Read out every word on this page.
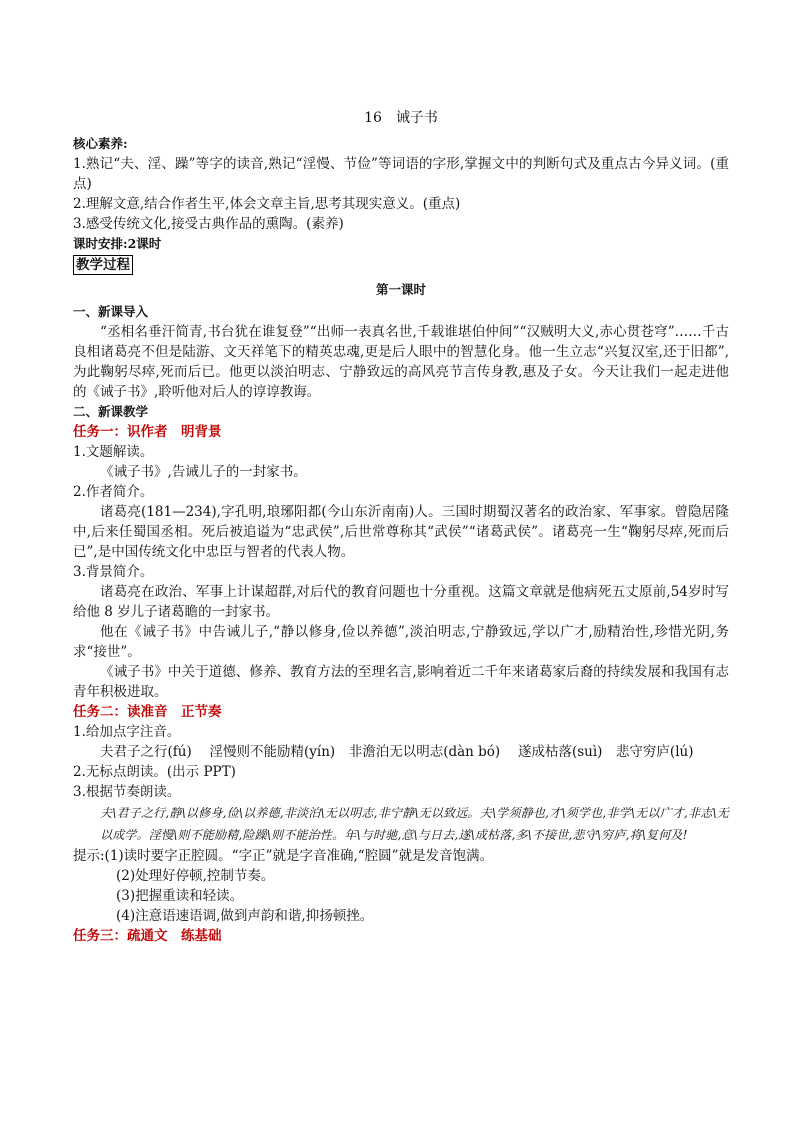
16　诫子书

核心素养:

1.熟记“夫、淫、躁”等字的读音,熟记“淫慢、节俭”等词语的字形,掌握文中的判断句式及重点古今异义词。(重点)

2.理解文意,结合作者生平,体会文章主旨,思考其现实意义。(重点)

3.感受传统文化,接受古典作品的熏陶。(素养)

课时安排:2课时

教学过程

第一课时

一、新课导入

“丞相名垂汗简青,书台犹在谁复登”“出师一表真名世,千载谁堪伯仲间”“汉贼明大义,赤心贯苍穹”……千古良相诸葛亮不但是陆游、文天祥笔下的精英忠魂,更是后人眼中的智慧化身。他一生立志“兴复汉室,还于旧都”,为此鞠躬尽瘁,死而后已。他更以淡泊明志、宁静致远的高风亮节言传身教,惠及子女。今天让我们一起走进他的《诫子书》,聆听他对后人的谆谆教诲。

二、新课教学

任务一：识作者　明背景

1.文题解读。

《诫子书》,告诫儿子的一封家书。

2.作者简介。

诸葛亮(181—234),字孔明,琅琊阳都(今山东沂南南)人。三国时期蜀汉著名的政治家、军事家。曾隐居隆中,后来任蜀国丞相。死后被追谥为“忠武侯”,后世常尊称其“武侯”“诸葛武侯”。诸葛亮一生“鞠躬尽瘁,死而后已”,是中国传统文化中忠臣与智者的代表人物。

3.背景简介。

诸葛亮在政治、军事上计谋超群,对后代的教育问题也十分重视。这篇文章就是他病死五丈原前,54岁时写给他 8 岁儿子诸葛瞻的一封家书。

他在《诫子书》中告诫儿子,“静以修身,俭以养德”,淡泊明志,宁静致远,学以广才,励精治性,珍惜光阴,务求“接世”。

《诫子书》中关于道德、修养、教育方法的至理名言,影响着近二千年来诸葛家后裔的持续发展和我国有志青年积极进取。

任务二：读准音　正节奏

1.给加点字注音。

夫君子之行(fú)　 淫慢则不能励精(yín)　非澹泊无以明志(dàn bó)　 遂成枯落(suì)　悲守穷庐(lú)

2.无标点朗读。(出示 PPT)

3.根据节奏朗读。

夫\君子之行,静\以修身,俭\以养德,非淡泊\无以明志,非宁静\无以致远。夫\学须静也,才\须学也,非学\无以广才,非志\无以成学。淫慢\则不能励精,险躁\则不能治性。年\与时驰,意\与日去,遂\成枯落,多\不接世,悲守\穷庐,将\复何及!

提示:(1)读时要字正腔圆。“字正”就是字音准确,“腔圆”就是发音饱满。

(2)处理好停顿,控制节奏。

(3)把握重读和轻读。

(4)注意语速语调,做到声韵和谐,抑扬顿挫。

任务三：疏通文　练基础
